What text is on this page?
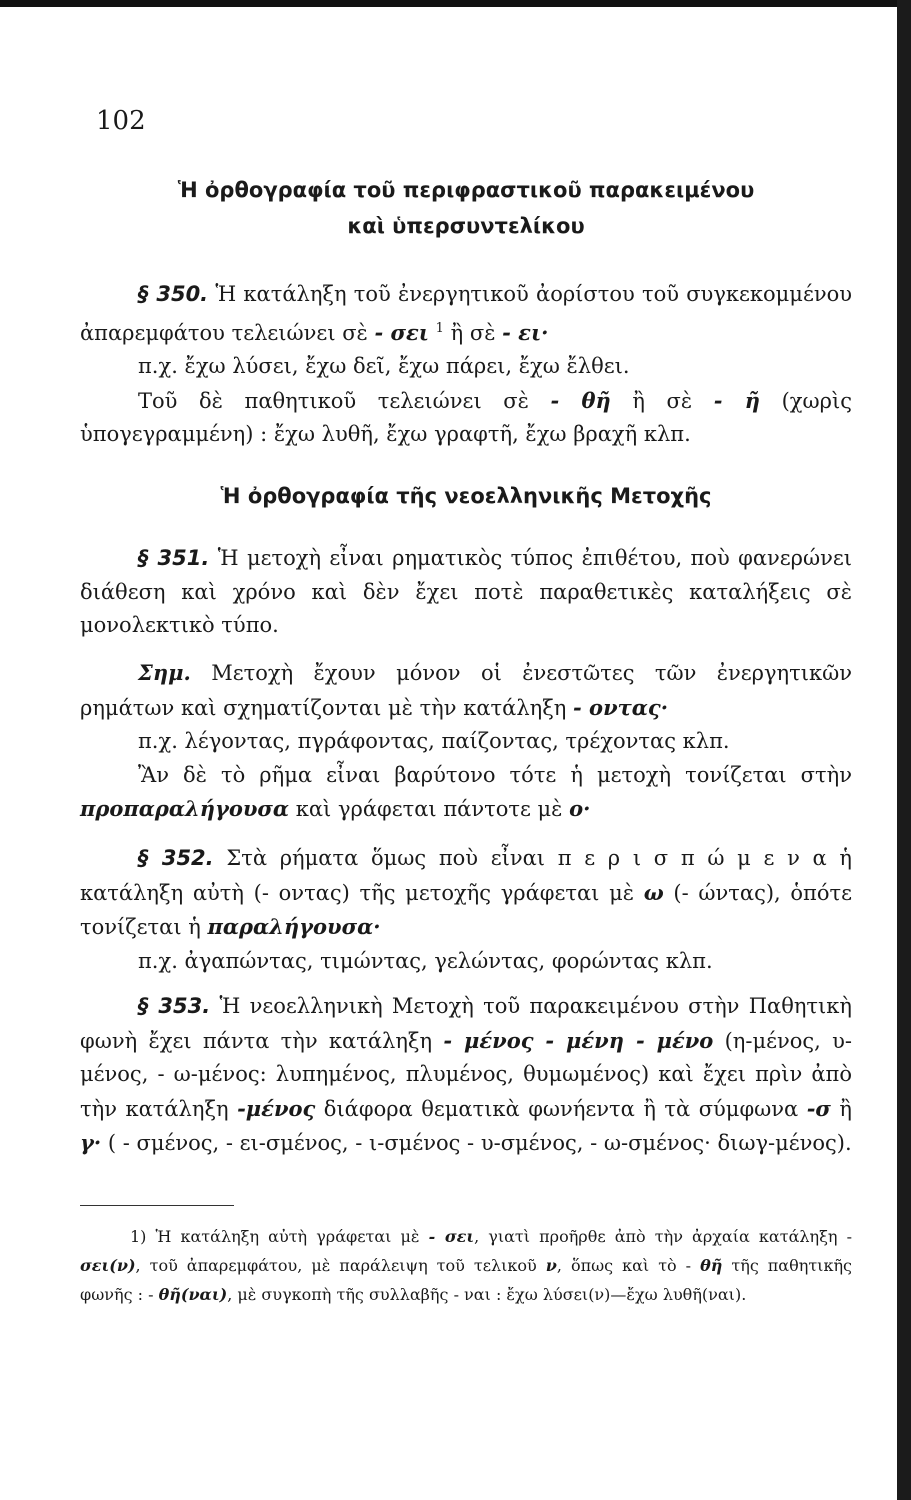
102
Ἡ ὀρθογραφία τοῦ περιφραστικοῦ παρακειμένου
καὶ ὑπερσυντελίκου

§ 350. Ἡ κατάληξη τοῦ ἐνεργητικοῦ ἀορίστου τοῦ συγκεκομμένου ἀπαρεμφάτου τελειώνει σὲ - σει $^1$ ἢ σὲ - ει·

π.χ. ἔχω λύσει, ἔχω δεῖ, ἔχω πάρει, ἔχω ἔλθει.

Τοῦ δὲ παθητικοῦ τελειώνει σὲ - θῆ ἢ σὲ - ῆ (χωρὶς ὑπογεγραμμένη) : ἔχω λυθῆ, ἔχω γραφτῆ, ἔχω βραχῆ κλπ.

Ἡ ὀρθογραφία τῆς νεοελληνικῆς Μετοχῆς

§ 351. Ἡ μετοχὴ εἶναι ρηματικὸς τύπος ἐπιθέτου, ποὺ φανερώνει διάθεση καὶ χρόνο καὶ δὲν ἔχει ποτὲ παραθετικὲς καταλήξεις σὲ μονολεκτικὸ τύπο.

Σημ. Μετοχὴ ἔχουν μόνον οἱ ἐνεστῶτες τῶν ἐνεργητικῶν ρημάτων καὶ σχηματίζονται μὲ τὴν κατάληξη - οντας·

π.χ. λέγοντας, πγράφοντας, παίζοντας, τρέχοντας κλπ.

Ἂν δὲ τὸ ρῆμα εἶναι βαρύτονο τότε ἡ μετοχὴ τονίζεται στὴν προπαραλήγουσα καὶ γράφεται πάντοτε μὲ ο·

§ 352. Στὰ ρήματα ὅμως ποὺ εἶναι π ε ρ ι σ π ώ μ ε ν α ἡ κατάληξη αὐτὴ (- οντας) τῆς μετοχῆς γράφεται μὲ ω (- ώντας), ὁπότε τονίζεται ἡ παραλήγουσα·

π.χ. ἀγαπώντας, τιμώντας, γελώντας, φορώντας κλπ.

§ 353. Ἡ νεοελληνικὴ Μετοχὴ τοῦ παρακειμένου στὴν Παθητικὴ φωνὴ ἔχει πάντα τὴν κατάληξη - μένος - μένη - μένο (η-μένος, υ-μένος, - ω-μένος: λυπημένος, πλυμένος, θυμωμένος) καὶ ἔχει πρὶν ἀπὸ τὴν κατάληξη -μένος διάφορα θεματικὰ φωνήεντα ἢ τὰ σύμφωνα -σ ἢ γ· ( - σμένος, - ει-σμένος, - ι-σμένος - υ-σμένος, - ω-σμένος· διωγ-μένος).

1) Ἡ κατάληξη αὐτὴ γράφεται μὲ - σει, γιατὶ προῆρθε ἀπὸ τὴν ἀρχαία κατάληξη - σει(ν), τοῦ ἀπαρεμφάτου, μὲ παράλειψη τοῦ τελικοῦ ν, ὅπως καὶ τὸ - θῆ τῆς παθητικῆς φωνῆς : - θῆ(ναι), μὲ συγκοπὴ τῆς συλλαβῆς - ναι : ἔχω λύσει(ν)—ἔχω λυθῆ(ναι).
